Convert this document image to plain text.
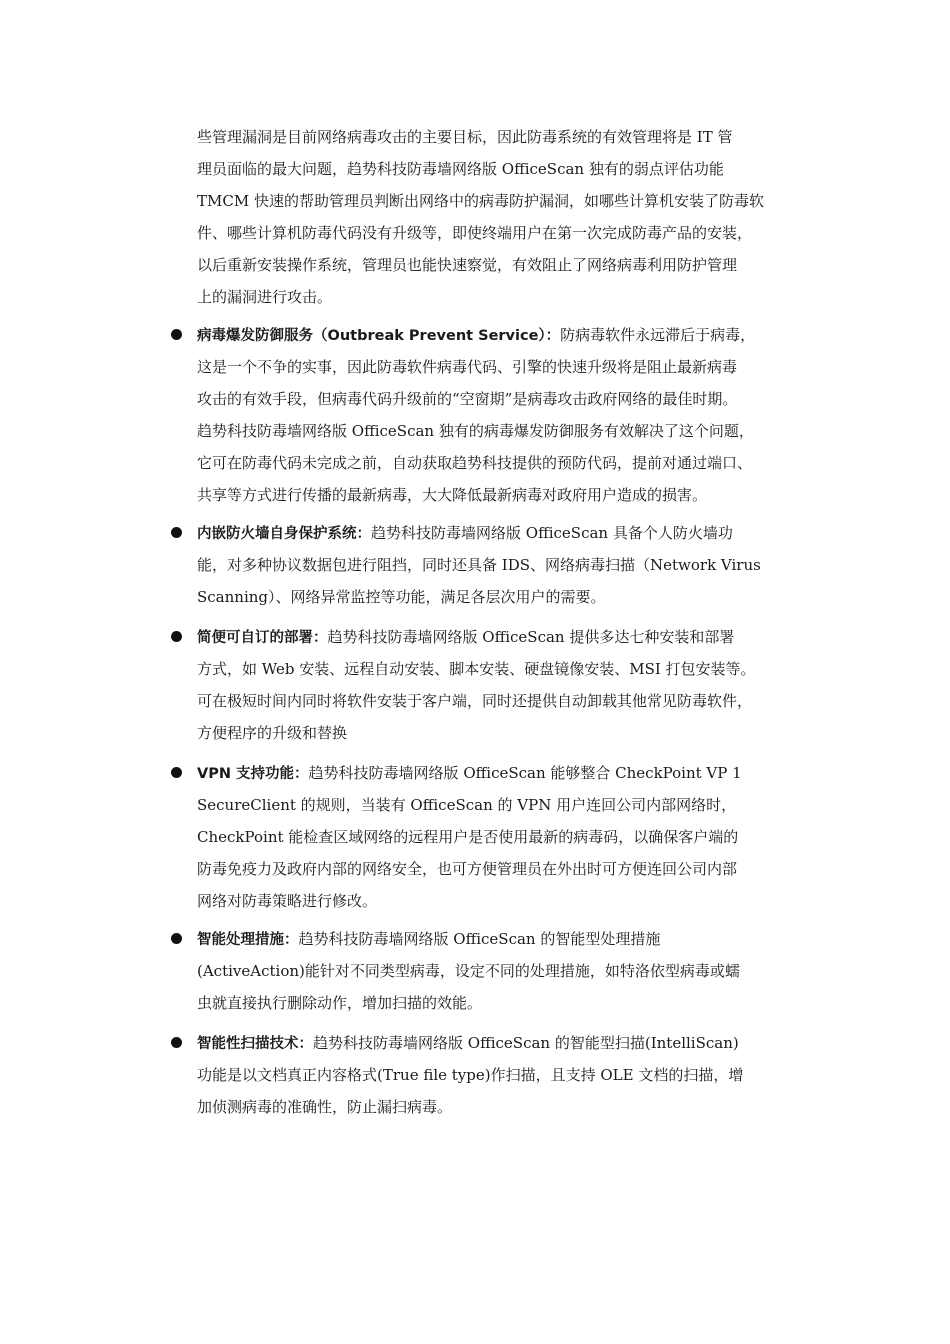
些管理漏洞是目前网络病毒攻击的主要目标，因此防毒系统的有效管理将是 IT 管
理员面临的最大问题，趋势科技防毒墙网络版 OfficeScan 独有的弱点评估功能
TMCM 快速的帮助管理员判断出网络中的病毒防护漏洞，如哪些计算机安装了防毒软
件、哪些计算机防毒代码没有升级等，即使终端用户在第一次完成防毒产品的安装，
以后重新安装操作系统，管理员也能快速察觉，有效阻止了网络病毒利用防护管理
上的漏洞进行攻击。
病毒爆发防御服务（Outbreak Prevent Service）：防病毒软件永远滞后于病毒，
这是一个不争的实事，因此防毒软件病毒代码、引擎的快速升级将是阻止最新病毒
攻击的有效手段，但病毒代码升级前的“空窗期”是病毒攻击政府网络的最佳时期。
趋势科技防毒墙网络版 OfficeScan 独有的病毒爆发防御服务有效解决了这个问题，
它可在防毒代码未完成之前，自动获取趋势科技提供的预防代码，提前对通过端口、
共享等方式进行传播的最新病毒，大大降低最新病毒对政府用户造成的损害。
内嵌防火墙自身保护系统：趋势科技防毒墙网络版 OfficeScan 具备个人防火墙功
能，对多种协议数据包进行阻挡，同时还具备 IDS、网络病毒扫描（Network Virus
Scanning）、网络异常监控等功能，满足各层次用户的需要。
简便可自订的部署：趋势科技防毒墙网络版 OfficeScan 提供多达七种安装和部署
方式，如 Web 安装、远程自动安装、脚本安装、硬盘镜像安装、MSI 打包安装等。
可在极短时间内同时将软件安装于客户端，同时还提供自动卸载其他常见防毒软件，
方便程序的升级和替换
VPN 支持功能：趋势科技防毒墙网络版 OfficeScan 能够整合 CheckPoint VP 1
SecureClient 的规则，当装有 OfficeScan 的 VPN 用户连回公司内部网络时，
CheckPoint 能检查区域网络的远程用户是否使用最新的病毒码，以确保客户端的
防毒免疫力及政府内部的网络安全，也可方便管理员在外出时可方便连回公司内部
网络对防毒策略进行修改。
智能处理措施：趋势科技防毒墙网络版 OfficeScan 的智能型处理措施
(ActiveAction)能针对不同类型病毒，设定不同的处理措施，如特洛依型病毒或蠕
虫就直接执行删除动作，增加扫描的效能。
智能性扫描技术：趋势科技防毒墙网络版 OfficeScan 的智能型扫描(IntelliScan)
功能是以文档真正内容格式(True file type)作扫描，且支持 OLE 文档的扫描，增
加侦测病毒的准确性，防止漏扫病毒。
